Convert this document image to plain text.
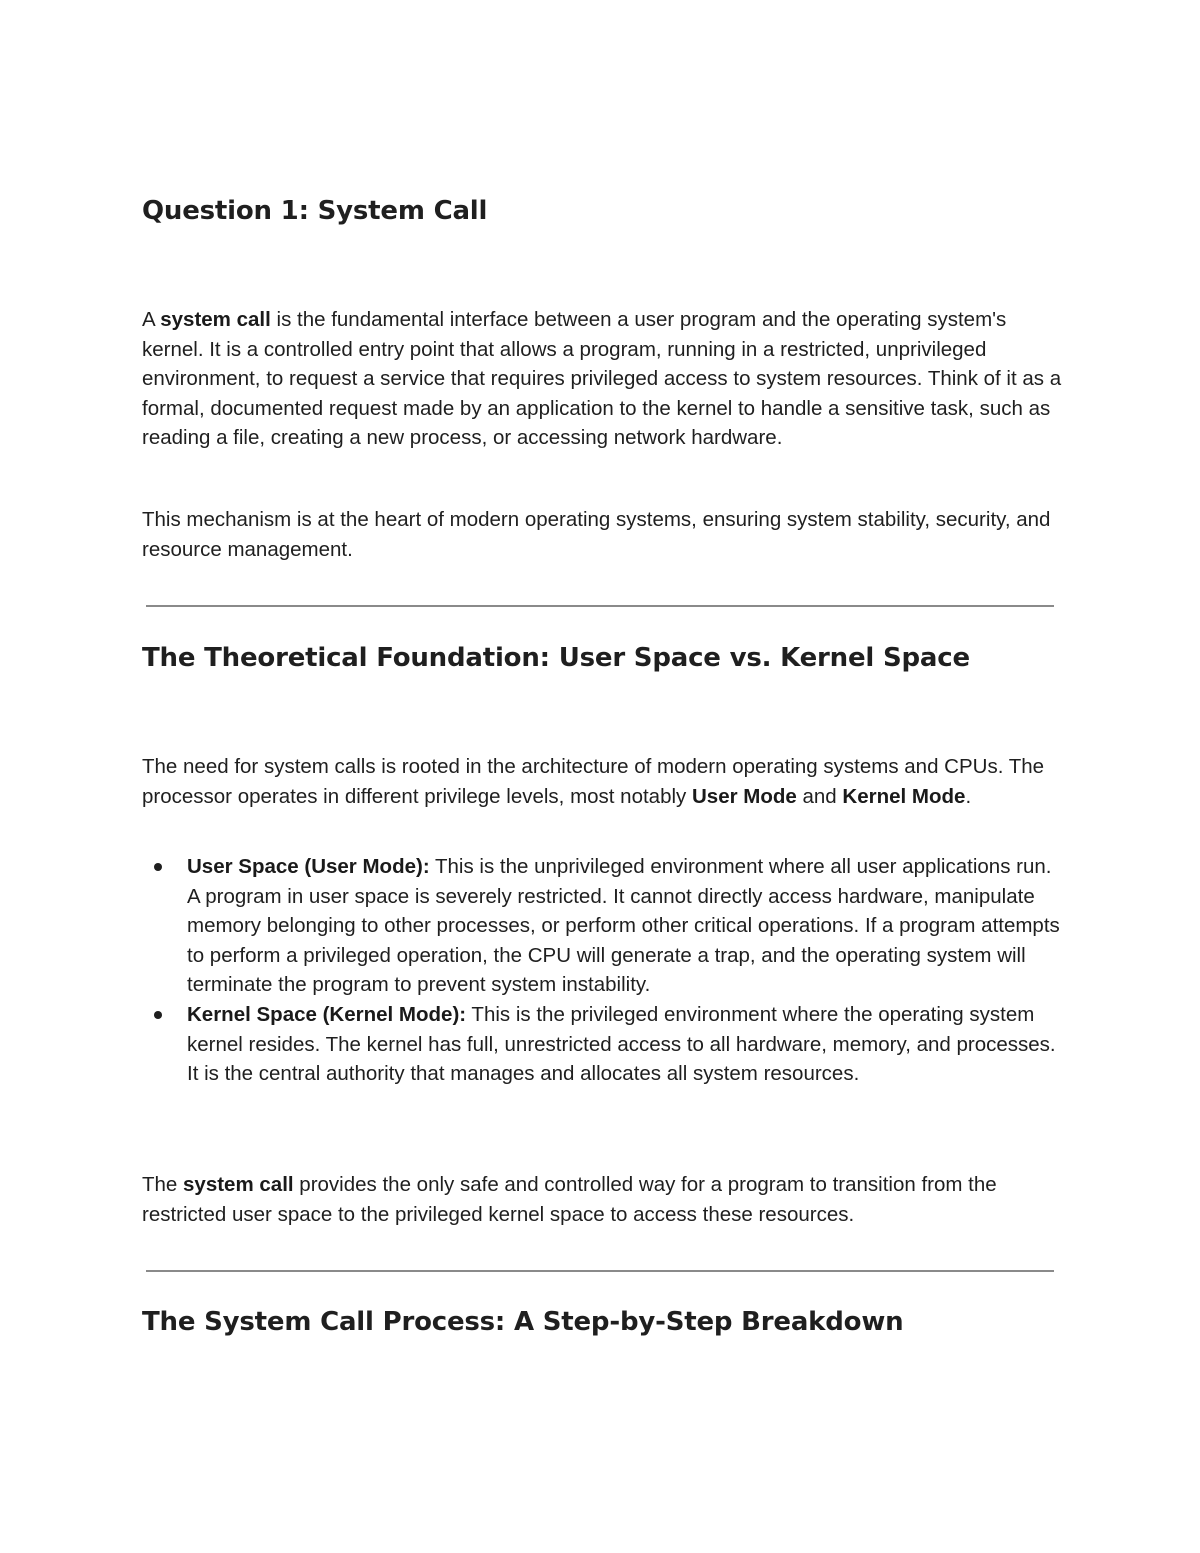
Question 1: System Call

A system call is the fundamental interface between a user program and the operating system's kernel. It is a controlled entry point that allows a program, running in a restricted, unprivileged environment, to request a service that requires privileged access to system resources. Think of it as a formal, documented request made by an application to the kernel to handle a sensitive task, such as reading a file, creating a new process, or accessing network hardware.

This mechanism is at the heart of modern operating systems, ensuring system stability, security, and resource management.

The Theoretical Foundation: User Space vs. Kernel Space

The need for system calls is rooted in the architecture of modern operating systems and CPUs. The processor operates in different privilege levels, most notably User Mode and Kernel Mode.

User Space (User Mode): This is the unprivileged environment where all user applications run. A program in user space is severely restricted. It cannot directly access hardware, manipulate memory belonging to other processes, or perform other critical operations. If a program attempts to perform a privileged operation, the CPU will generate a trap, and the operating system will terminate the program to prevent system instability.
Kernel Space (Kernel Mode): This is the privileged environment where the operating system kernel resides. The kernel has full, unrestricted access to all hardware, memory, and processes. It is the central authority that manages and allocates all system resources.

The system call provides the only safe and controlled way for a program to transition from the restricted user space to the privileged kernel space to access these resources.

The System Call Process: A Step-by-Step Breakdown
